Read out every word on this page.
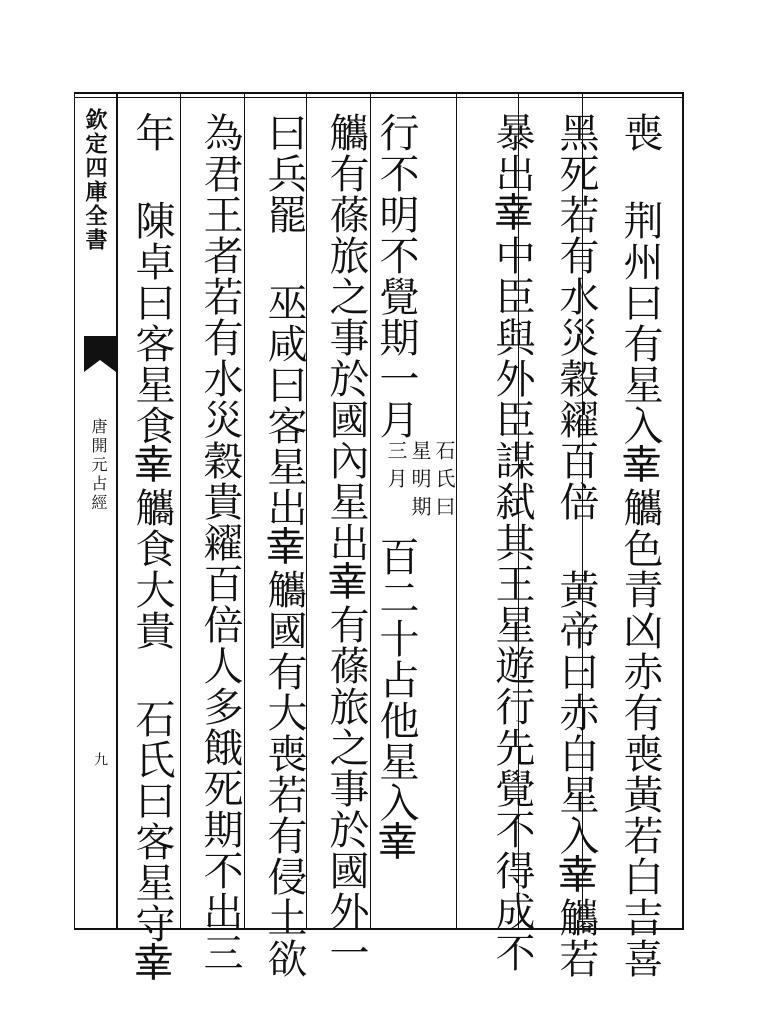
欽定四庫全書
唐開元占經
九	喪 荆州曰有星入𦍒觿色青凶赤有喪黃若白吉喜
黑死若有水災穀糴百倍 黃帝曰赤白星入𦍒觿若
暴出𦍒中臣與外臣謀弑其王星遊行先覺不得成不
行不明不覺期一月石氏曰星明期三月百二十占他星入𦍒
觿有蓧旅之事於國內星出𦍒有蓧旅之事於國外一
曰兵罷 巫咸曰客星出𦍒觿國有大喪若有侵土欲
為君王者若有水災穀貴糴百倍人多餓死期不出三
年 陳卓曰客星食𦍒觿食大貴 石氏曰客星守𦍒
